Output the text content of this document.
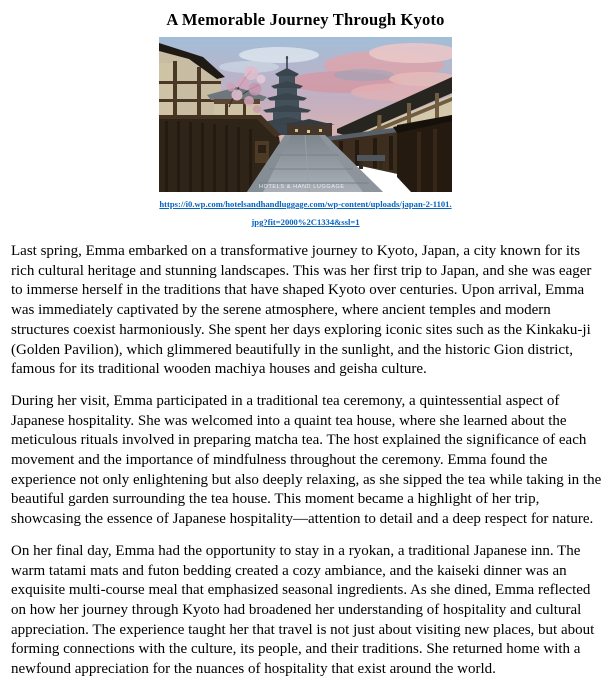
A Memorable Journey Through Kyoto
HOTELS & HAND LUGGAGE
https://i0.wp.com/hotelsandhandluggage.com/wp-content/uploads/japan-2-1101.jpg?fit=2000%2C1334&ssl=1

Last spring, Emma embarked on a transformative journey to Kyoto, Japan, a city known for its rich cultural heritage and stunning landscapes. This was her first trip to Japan, and she was eager to immerse herself in the traditions that have shaped Kyoto over centuries. Upon arrival, Emma was immediately captivated by the serene atmosphere, where ancient temples and modern structures coexist harmoniously. She spent her days exploring iconic sites such as the Kinkaku-ji (Golden Pavilion), which glimmered beautifully in the sunlight, and the historic Gion district, famous for its traditional wooden machiya houses and geisha culture.

During her visit, Emma participated in a traditional tea ceremony, a quintessential aspect of Japanese hospitality. She was welcomed into a quaint tea house, where she learned about the meticulous rituals involved in preparing matcha tea. The host explained the significance of each movement and the importance of mindfulness throughout the ceremony. Emma found the experience not only enlightening but also deeply relaxing, as she sipped the tea while taking in the beautiful garden surrounding the tea house. This moment became a highlight of her trip, showcasing the essence of Japanese hospitality—attention to detail and a deep respect for nature.

On her final day, Emma had the opportunity to stay in a ryokan, a traditional Japanese inn. The warm tatami mats and futon bedding created a cozy ambiance, and the kaiseki dinner was an exquisite multi-course meal that emphasized seasonal ingredients. As she dined, Emma reflected on how her journey through Kyoto had broadened her understanding of hospitality and cultural appreciation. The experience taught her that travel is not just about visiting new places, but about forming connections with the culture, its people, and their traditions. She returned home with a newfound appreciation for the nuances of hospitality that exist around the world.
